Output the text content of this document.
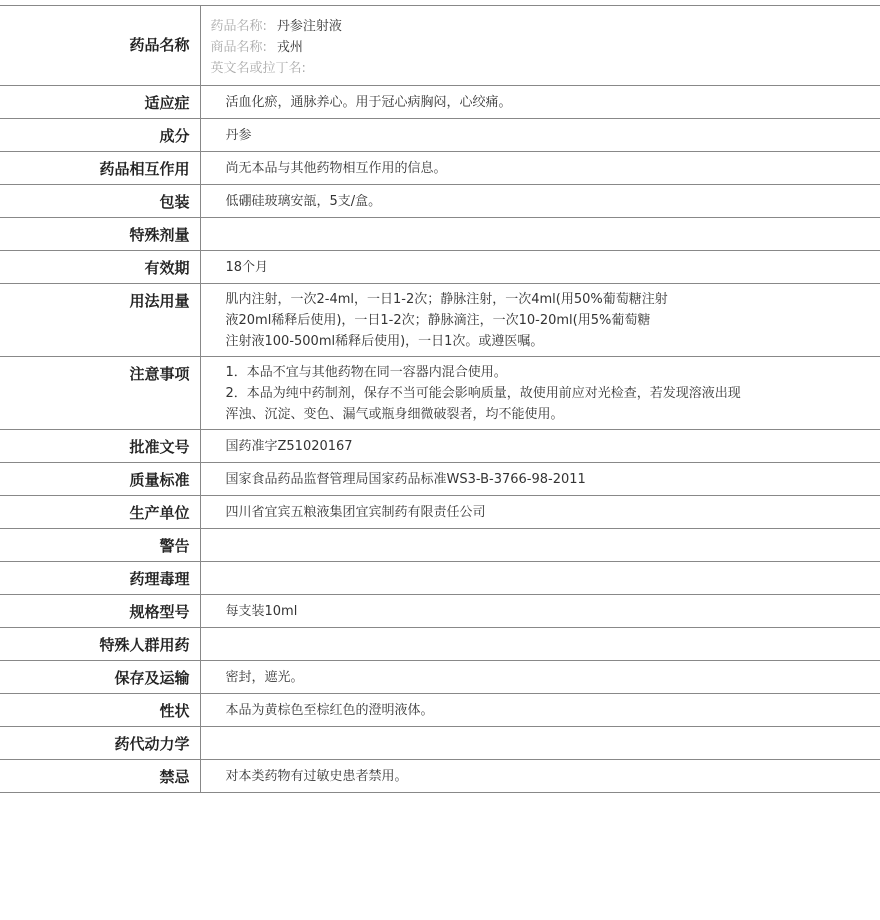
药品名称	药品名称: 丹参注射液
商品名称: 戎州
英文名或拉丁名:

适应症	活血化瘀，通脉养心。用于冠心病胸闷，心绞痛。
成分	丹参
药品相互作用	尚无本品与其他药物相互作用的信息。
包装	低硼硅玻璃安瓿，5支/盒。
特殊剂量	
有效期	18个月
用法用量	肌内注射，一次2-4ml，一日1-2次；静脉注射，一次4ml(用50%葡萄糖注射
液20ml稀释后使用)，一日1-2次；静脉滴注，一次10-20ml(用5%葡萄糖
注射液100-500ml稀释后使用)，一日1次。或遵医嘱。

注意事项	1．本品不宜与其他药物在同一容器内混合使用。
2．本品为纯中药制剂，保存不当可能会影响质量，故使用前应对光检查，若发现溶液出现
浑浊、沉淀、变色、漏气或瓶身细微破裂者，均不能使用。

批准文号	国药准字Z51020167
质量标准	国家食品药品监督管理局国家药品标准WS3-B-3766-98-2011
生产单位	四川省宜宾五粮液集团宜宾制药有限责任公司
警告	
药理毒理	
规格型号	每支装10ml
特殊人群用药	
保存及运输	密封，遮光。
性状	本品为黄棕色至棕红色的澄明液体。
药代动力学	
禁忌	对本类药物有过敏史患者禁用。
